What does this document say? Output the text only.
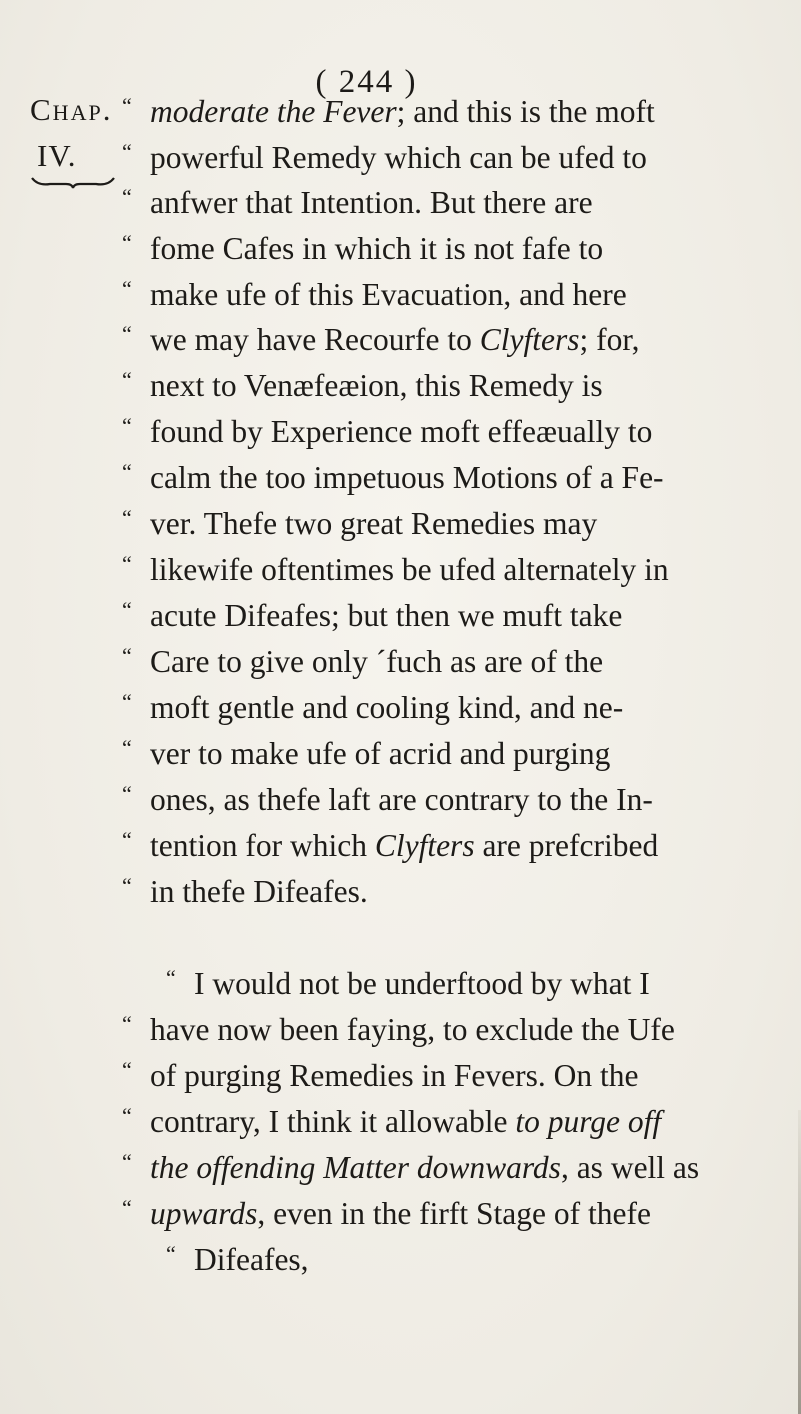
( 244 )
Chap.
IV.
“ moderate the Fever; and this is the moft
“ powerful Remedy which can be ufed to
“ anfwer that Intention. But there are
“ fome Cafes in which it is not fafe to
“ make ufe of this Evacuation, and here
“ we may have Recourfe to Clyfters; for,
“ next to Venæfeæion, this Remedy is
“ found by Experience moft effeæually to
“ calm the too impetuous Motions of a Fe-
“ ver. Thefe two great Remedies may
“ likewife oftentimes be ufed alternately in
“ acute Difeafes; but then we muft take
“ Care to give only ˊfuch as are of the
“ moft gentle and cooling kind, and ne-
“ ver to make ufe of acrid and purging
“ ones, as thefe laft are contrary to the In-
“ tention for which Clyfters are prefcribed
“ in thefe Difeafes.
“ I would not be underftood by what I
“ have now been faying, to exclude the Ufe
“ of purging Remedies in Fevers. On the
“ contrary, I think it allowable to purge off
“ the offending Matter downwards, as well as
“ upwards, even in the firft Stage of thefe
“ Difeafes,
